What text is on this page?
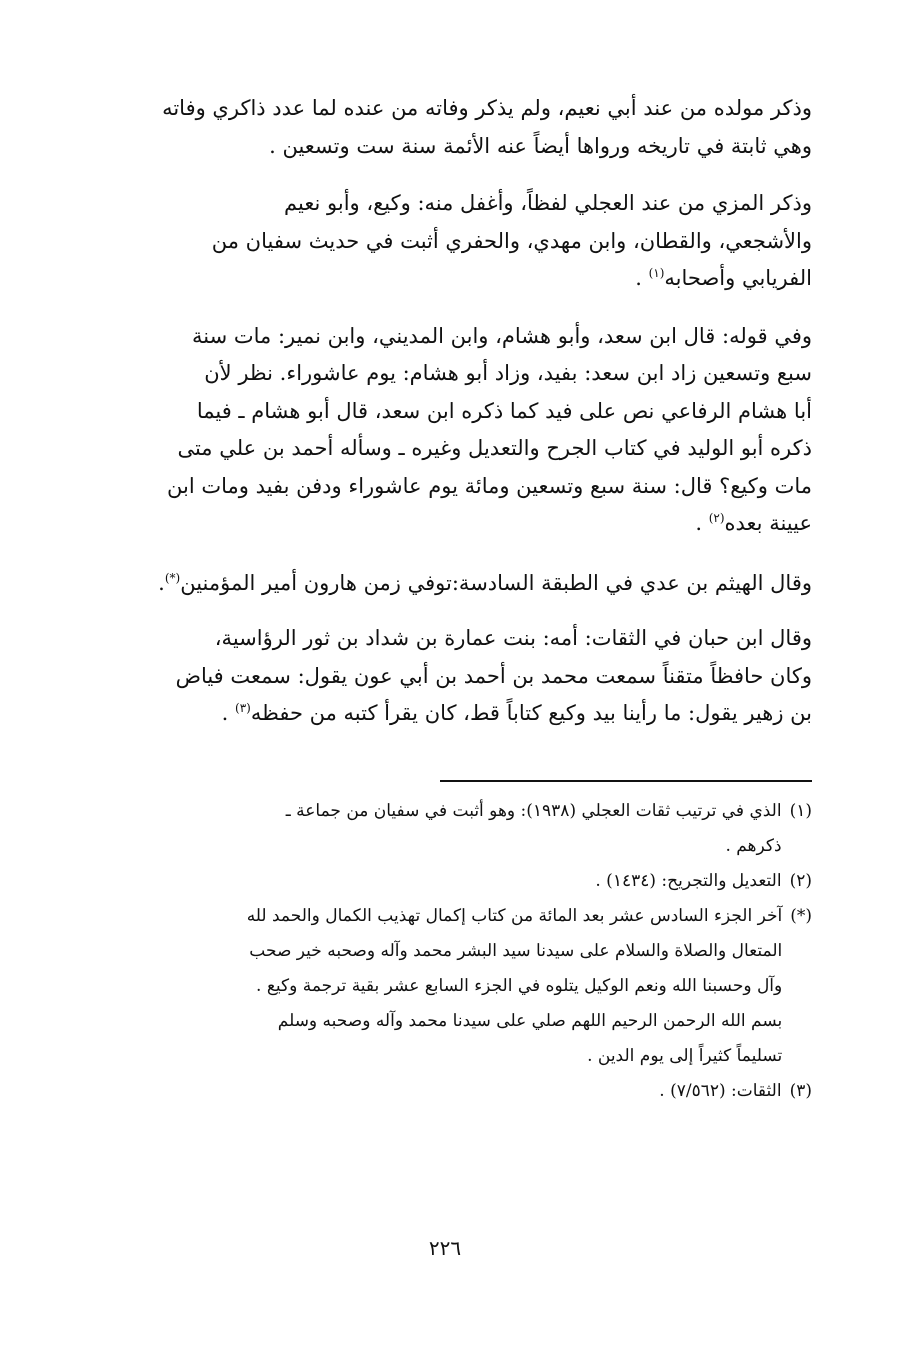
وذكر مولده من عند أبي نعيم، ولم يذكر وفاته من عنده لما عدد ذاكري وفاته
وهي ثابتة في تاريخه ورواها أيضاً عنه الأئمة سنة ست وتسعين .

وذكر المزي من عند العجلي لفظاً، وأغفل منه: وكيع، وأبو نعيم
والأشجعي، والقطان، وابن مهدي، والحفري أثبت في حديث سفيان من
الفريابي وأصحابه$^{(١)}$ .

وفي قوله: قال ابن سعد، وأبو هشام، وابن المديني، وابن نمير: مات سنة
سبع وتسعين زاد ابن سعد: بفيد، وزاد أبو هشام: يوم عاشوراء. نظر لأن
أبا هشام الرفاعي نص على فيد كما ذكره ابن سعد، قال أبو هشام ـ فيما
ذكره أبو الوليد في كتاب الجرح والتعديل وغيره ـ وسأله أحمد بن علي متى
مات وكيع؟ قال: سنة سبع وتسعين ومائة يوم عاشوراء ودفن بفيد ومات ابن
عيينة بعده$^{(٢)}$ .

وقال الهيثم بن عدي في الطبقة السادسة:توفي زمن هارون أمير المؤمنين(*).

وقال ابن حبان في الثقات: أمه: بنت عمارة بن شداد بن ثور الرؤاسية،
وكان حافظاً متقناً سمعت محمد بن أحمد بن أبي عون يقول: سمعت فياض
بن زهير يقول: ما رأينا بيد وكيع كتاباً قط، كان يقرأ كتبه من حفظه$^{(٣)}$ .

(١)
الذي في ترتيب ثقات العجلي (١٩٣٨): وهو أثبت في سفيان من جماعة ـ
ذكرهم .
(٢)
التعديل والتجريح: (١٤٣٤) .
(*)
آخر الجزء السادس عشر بعد المائة من كتاب إكمال تهذيب الكمال والحمد لله
المتعال والصلاة والسلام على سيدنا سيد البشر محمد وآله وصحبه خير صحب
وآل وحسبنا الله ونعم الوكيل يتلوه في الجزء السابع عشر بقية ترجمة وكيع .
بسم الله الرحمن الرحيم اللهم صلي على سيدنا محمد وآله وصحبه وسلم
تسليماً كثيراً إلى يوم الدين .
(٣)
الثقات: (٧/٥٦٢) .
٢٢٦
